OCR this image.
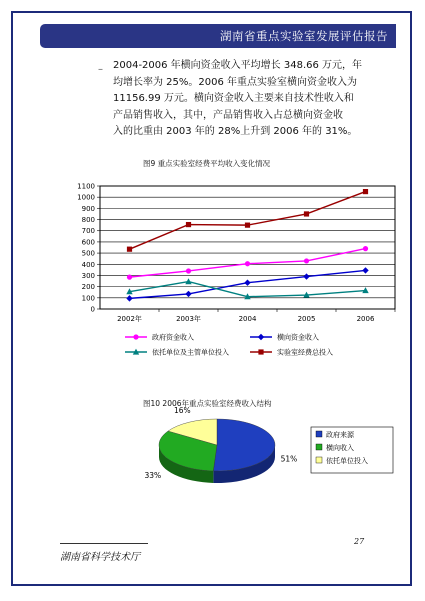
湖南省重点实验室发展评估报告
– 2004-2006 年横向资金收入平均增长 348.66 万元，年
均增长率为 25%。2006 年重点实验室横向资金收入为
11156.99 万元。横向资金收入主要来自技术性收入和
产品销售收入，其中，产品销售收入占总横向资金收
入的比重由 2003 年的 28%上升到 2006 年的 31%。
图9 重点实验室经费平均收入变化情况
0
100
200
300
400
500
600
700
800
900
1000
1100
2002年	2003年	2004	2005	2006
政府资金收入	横向资金收入
依托单位及主管单位投入	实验室经费总投入
图10 2006年重点实验室经费收入结构
51%
33%
16%
政府来源
横向收入
依托单位投入
湖南省科学技术厅
27
